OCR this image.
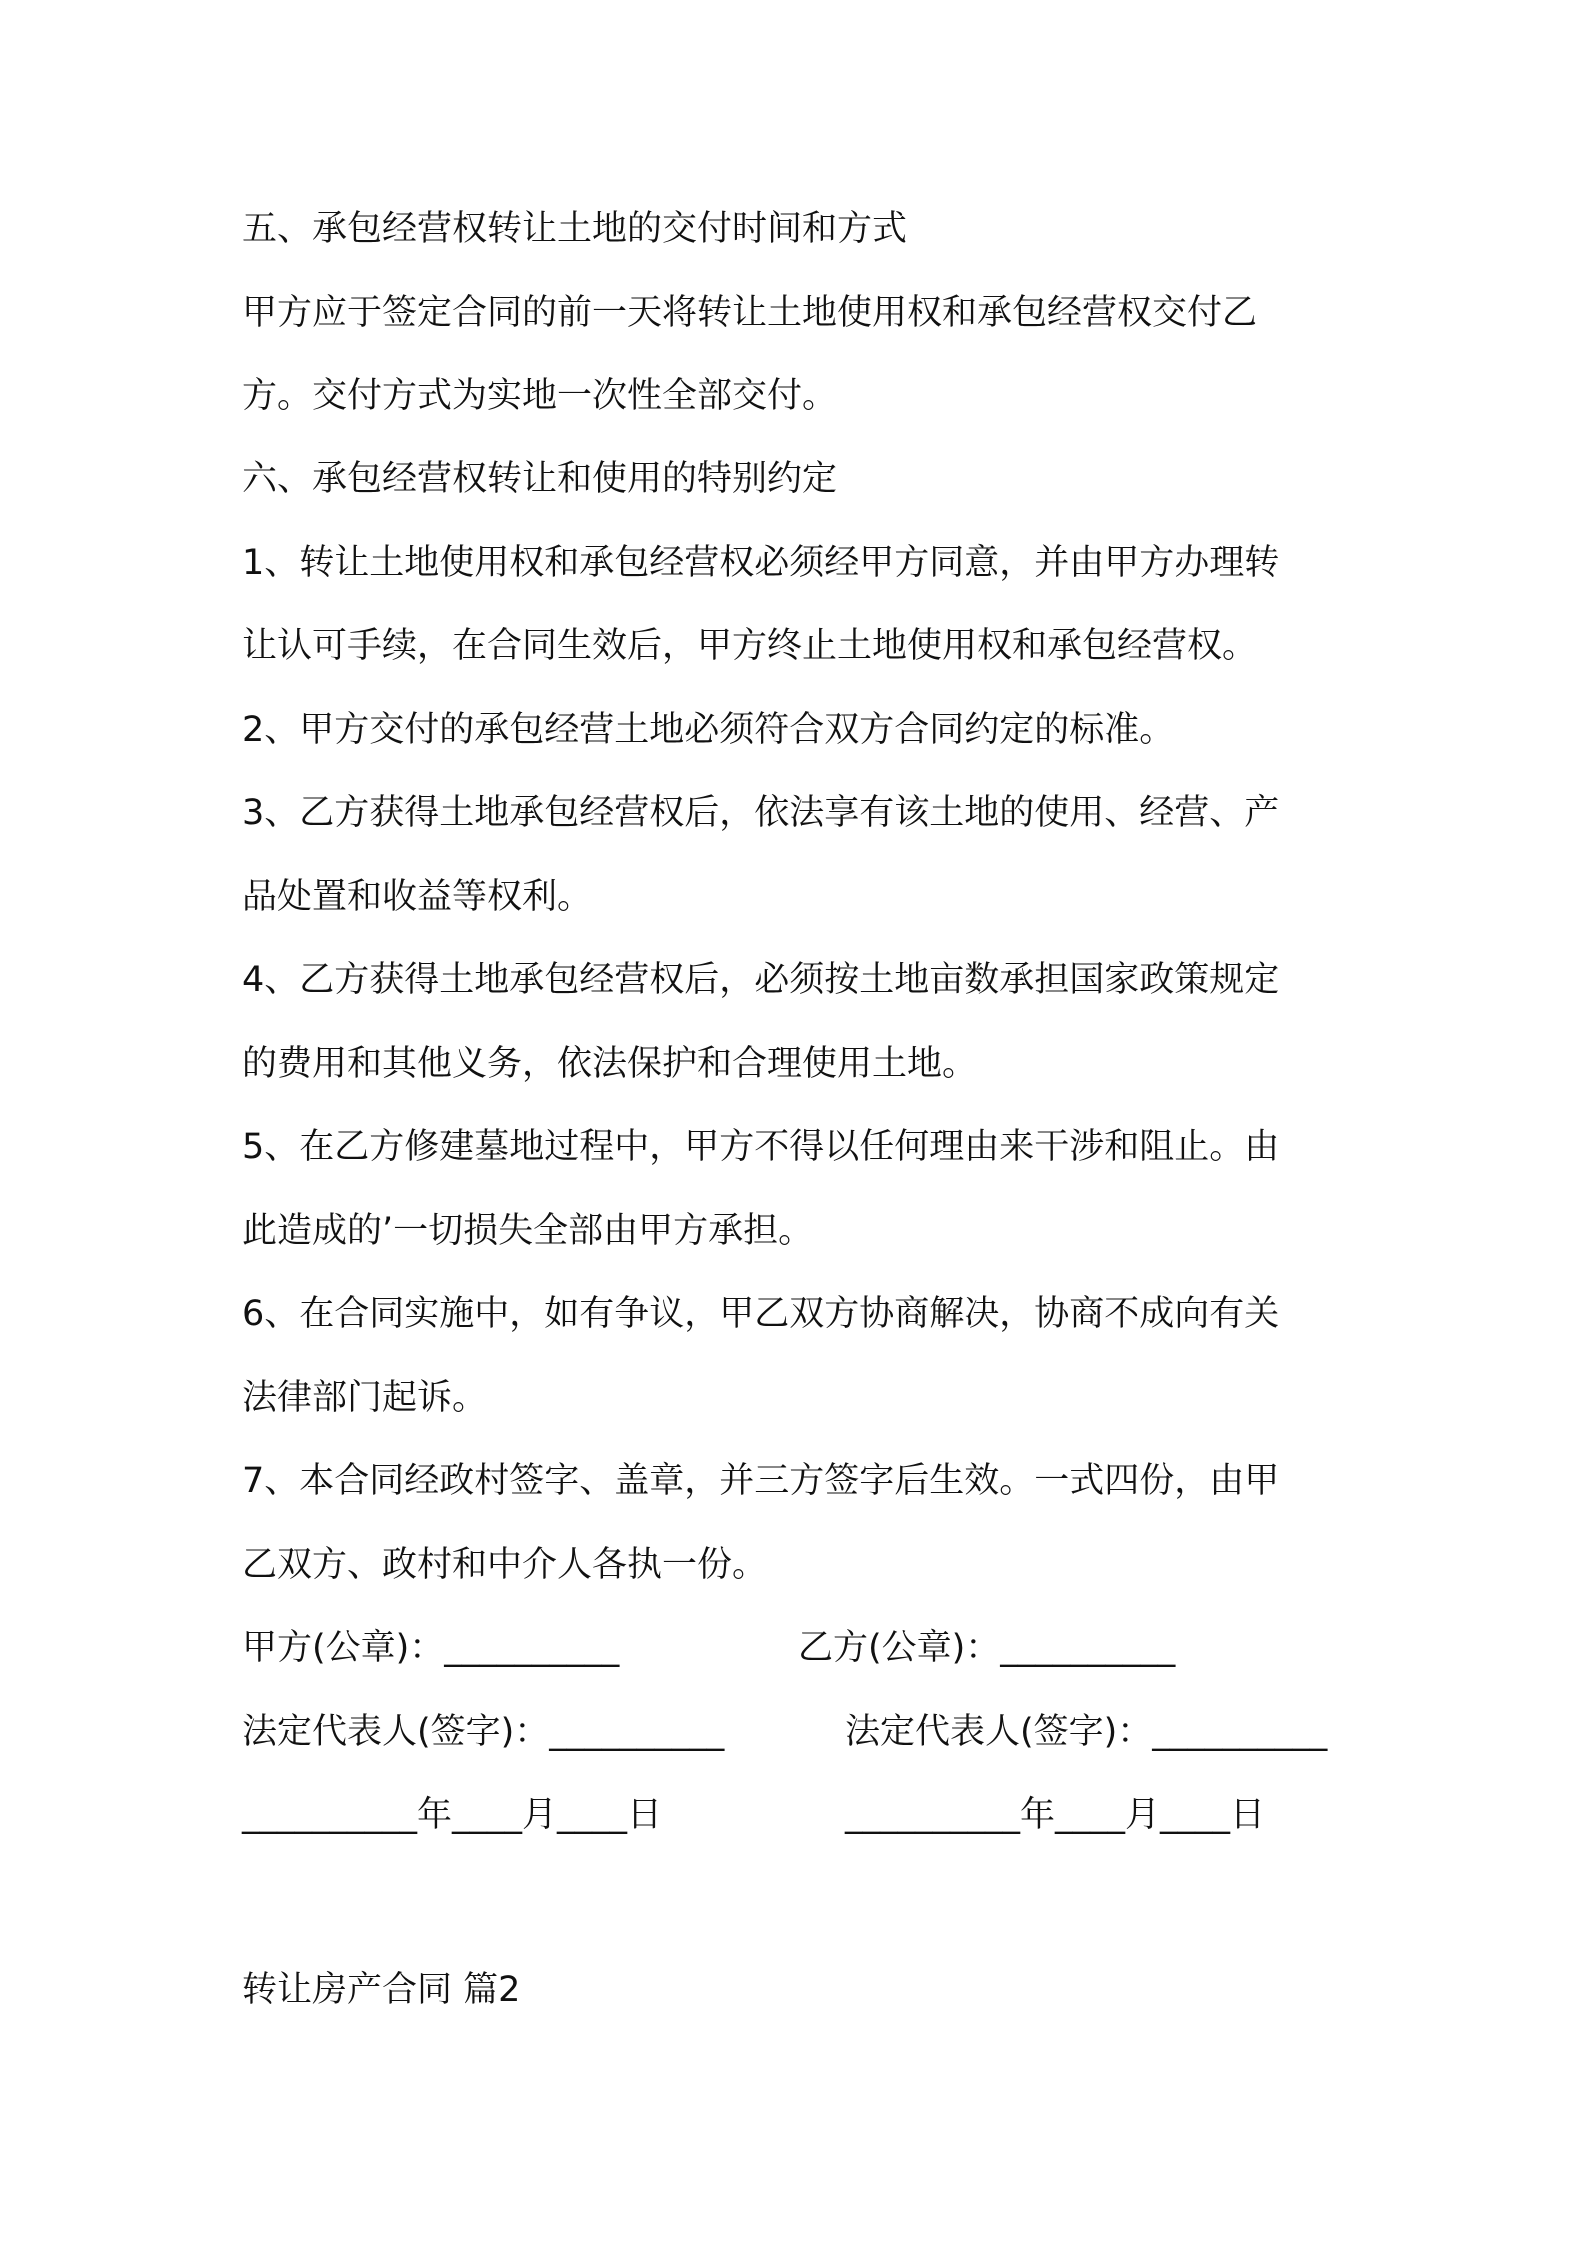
五、承包经营权转让土地的交付时间和方式
甲方应于签定合同的前一天将转让土地使用权和承包经营权交付乙
方。交付方式为实地一次性全部交付。
六、承包经营权转让和使用的特别约定
1、转让土地使用权和承包经营权必须经甲方同意，并由甲方办理转
让认可手续，在合同生效后，甲方终止土地使用权和承包经营权。
2、甲方交付的承包经营土地必须符合双方合同约定的标准。
3、乙方获得土地承包经营权后，依法享有该土地的使用、经营、产
品处置和收益等权利。
4、乙方获得土地承包经营权后，必须按土地亩数承担国家政策规定
的费用和其他义务，依法保护和合理使用土地。
5、在乙方修建墓地过程中，甲方不得以任何理由来干涉和阻止。由
此造成的’一切损失全部由甲方承担。
6、在合同实施中，如有争议，甲乙双方协商解决，协商不成向有关
法律部门起诉。
7、本合同经政村签字、盖章，并三方签字后生效。一式四份，由甲
乙双方、政村和中介人各执一份。
甲方(公章)：__________	乙方(公章)：__________
法定代表人(签字)：__________	法定代表人(签字)：__________
__________年____月____日	__________年____月____日
转让房产合同 篇2
